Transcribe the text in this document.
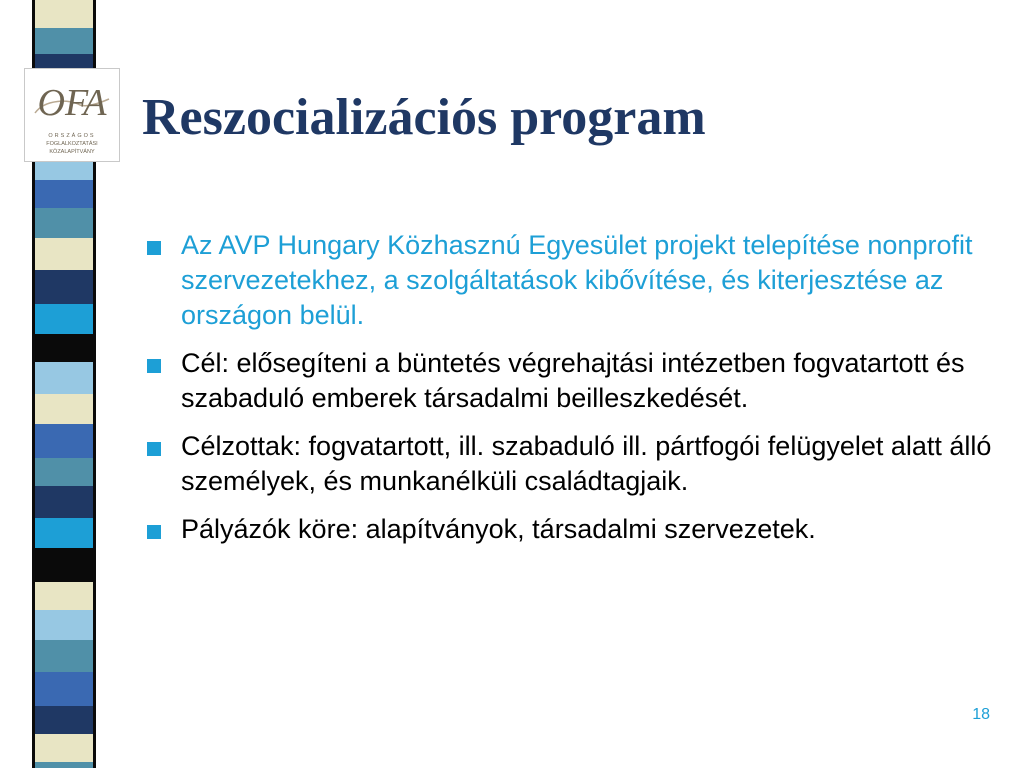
OFA
ORSZÁGOS
FOGLALKOZTATÁSI
KÖZALAPÍTVÁNY
Reszocializációs program
Az AVP Hungary Közhasznú Egyesület projekt telepítése nonprofit szervezetekhez, a szolgáltatások kibővítése, és kiterjesztése az országon belül.
Cél: elősegíteni a büntetés végrehajtási intézetben fogvatartott és szabaduló emberek társadalmi beilleszkedését.
Célzottak: fogvatartott, ill. szabaduló ill. pártfogói felügyelet alatt álló személyek, és munkanélküli családtagjaik.
Pályázók köre: alapítványok, társadalmi szervezetek.
18
